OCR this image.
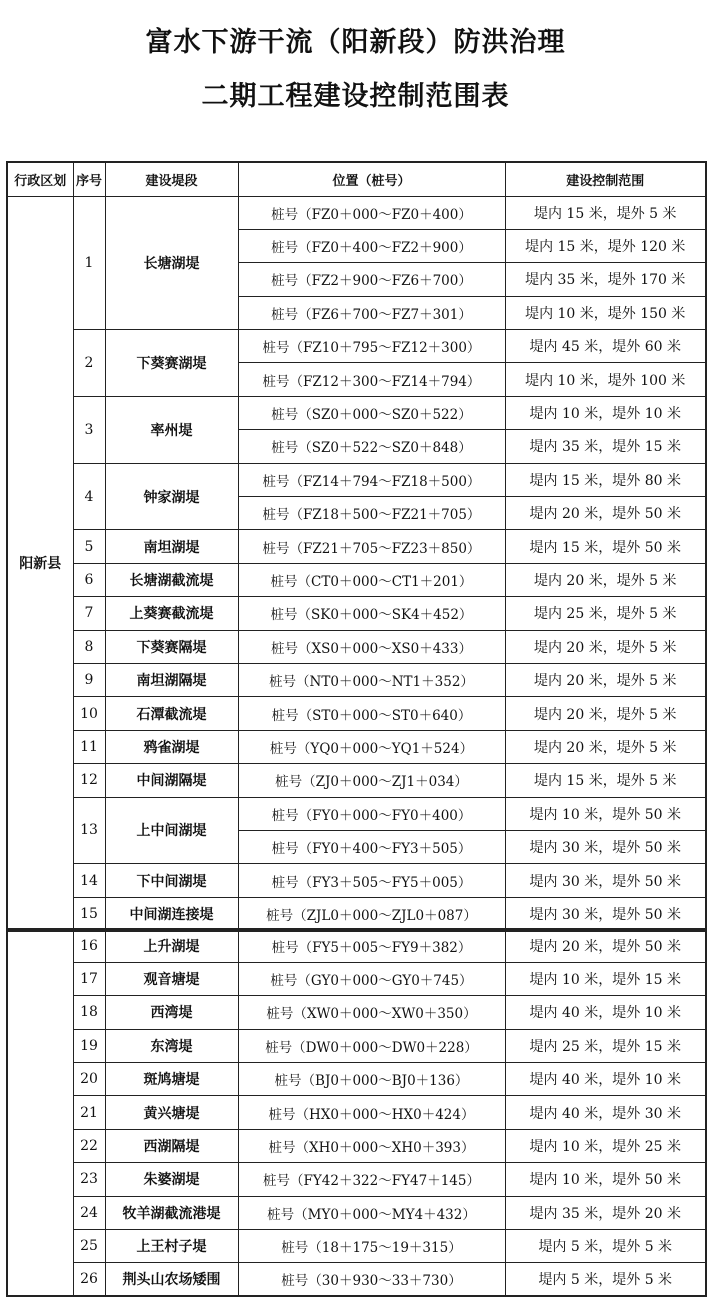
富水下游干流（阳新段）防洪治理
二期工程建设控制范围表
行政区划	序号	建设堤段	位置（桩号）	建设控制范围
阳新县	1	长塘湖堤	桩号（FZ0＋000～FZ0＋400）	堤内 15 米，堤外 5 米
			桩号（FZ0＋400～FZ2＋900）	堤内 15 米，堤外 120 米
			桩号（FZ2＋900～FZ6＋700）	堤内 35 米，堤外 170 米
			桩号（FZ6＋700～FZ7＋301）	堤内 10 米，堤外 150 米
	2	下葵赛湖堤	桩号（FZ10＋795～FZ12＋300）	堤内 45 米，堤外 60 米
			桩号（FZ12＋300～FZ14＋794）	堤内 10 米，堤外 100 米
	3	率州堤	桩号（SZ0＋000～SZ0＋522）	堤内 10 米，堤外 10 米
			桩号（SZ0＋522～SZ0＋848）	堤内 35 米，堤外 15 米
	4	钟家湖堤	桩号（FZ14＋794～FZ18＋500）	堤内 15 米，堤外 80 米
			桩号（FZ18＋500～FZ21＋705）	堤内 20 米，堤外 50 米
	5	南坦湖堤	桩号（FZ21＋705～FZ23＋850）	堤内 15 米，堤外 50 米
	6	长塘湖截流堤	桩号（CT0＋000～CT1＋201）	堤内 20 米，堤外 5 米
	7	上葵赛截流堤	桩号（SK0＋000～SK4＋452）	堤内 25 米，堤外 5 米
	8	下葵赛隔堤	桩号（XS0＋000～XS0＋433）	堤内 20 米，堤外 5 米
	9	南坦湖隔堤	桩号（NT0＋000～NT1＋352）	堤内 20 米，堤外 5 米
	10	石潭截流堤	桩号（ST0＋000～ST0＋640）	堤内 20 米，堤外 5 米
	11	鸦雀湖堤	桩号（YQ0＋000～YQ1＋524）	堤内 20 米，堤外 5 米
	12	中间湖隔堤	桩号（ZJ0＋000～ZJ1＋034）	堤内 15 米，堤外 5 米
	13	上中间湖堤	桩号（FY0＋000～FY0＋400）	堤内 10 米，堤外 50 米
			桩号（FY0＋400～FY3＋505）	堤内 30 米，堤外 50 米
	14	下中间湖堤	桩号（FY3＋505～FY5＋005）	堤内 30 米，堤外 50 米
	15	中间湖连接堤	桩号（ZJL0＋000～ZJL0＋087）	堤内 30 米，堤外 50 米
	16	上升湖堤	桩号（FY5＋005～FY9＋382）	堤内 20 米，堤外 50 米
	17	观音塘堤	桩号（GY0＋000～GY0＋745）	堤内 10 米，堤外 15 米
	18	西湾堤	桩号（XW0＋000～XW0＋350）	堤内 40 米，堤外 10 米
	19	东湾堤	桩号（DW0＋000～DW0＋228）	堤内 25 米，堤外 15 米
	20	斑鸠塘堤	桩号（BJ0＋000～BJ0＋136）	堤内 40 米，堤外 10 米
	21	黄兴塘堤	桩号（HX0＋000～HX0＋424）	堤内 40 米，堤外 30 米
	22	西湖隔堤	桩号（XH0＋000～XH0＋393）	堤内 10 米，堤外 25 米
	23	朱婆湖堤	桩号（FY42＋322～FY47＋145）	堤内 10 米，堤外 50 米
	24	牧羊湖截流港堤	桩号（MY0＋000～MY4＋432）	堤内 35 米，堤外 20 米
	25	上王村子堤	桩号（18＋175～19＋315）	堤内 5 米，堤外 5 米
	26	荆头山农场矮围	桩号（30＋930～33＋730）	堤内 5 米，堤外 5 米
